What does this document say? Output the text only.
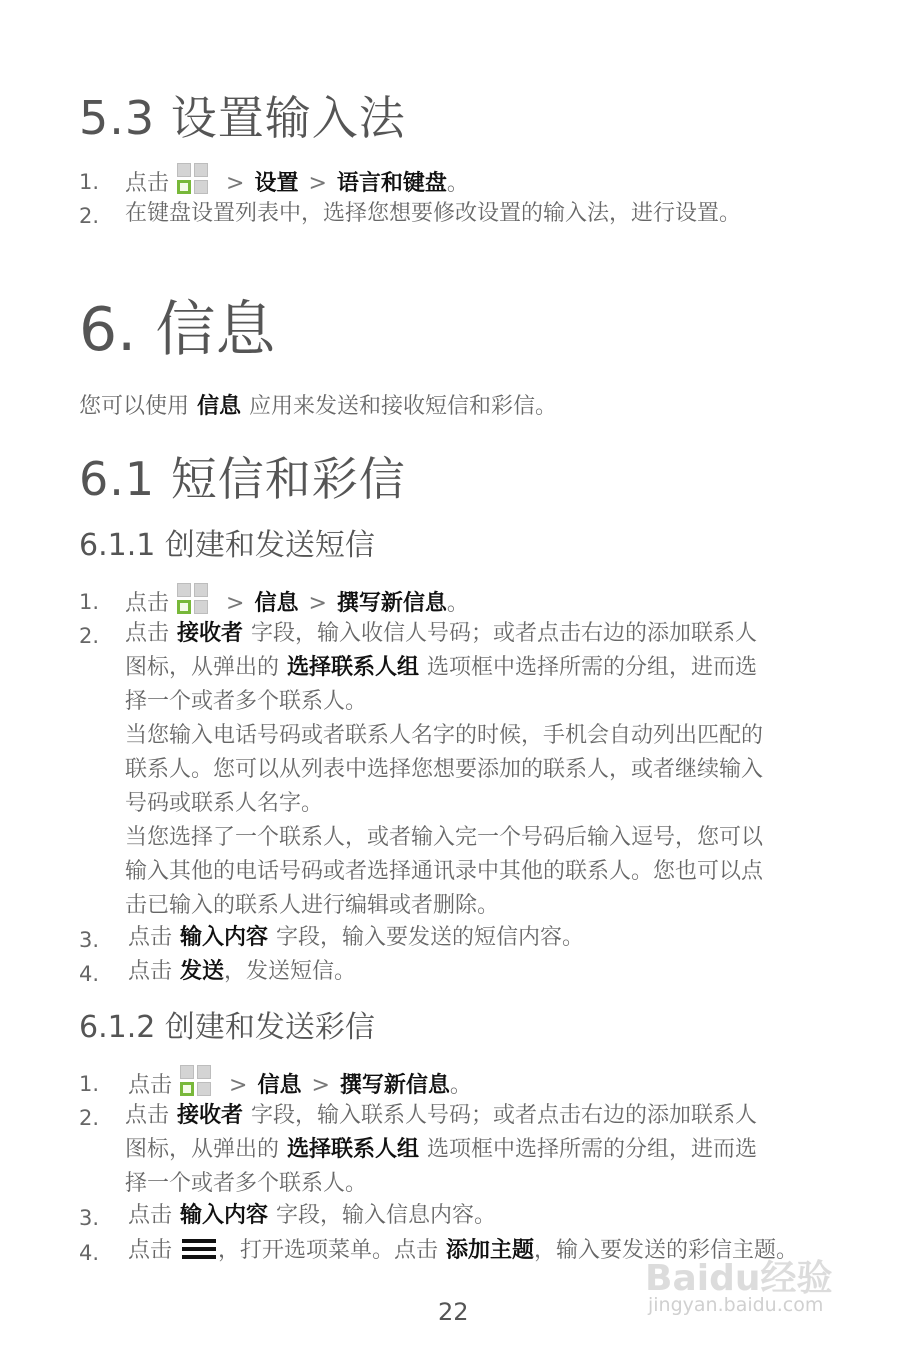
5.3 设置输入法
1. 点击	> 设置 > 语言和键盘。
2. 在键盘设置列表中，选择您想要修改设置的输入法，进行设置。
6. 信息
您可以使用 信息 应用来发送和接收短信和彩信。
6.1 短信和彩信
6.1.1 创建和发送短信
1. 点击	> 信息 > 撰写新信息。
2. 点击 接收者 字段，输入收信人号码；或者点击右边的添加联系人
图标，从弹出的 选择联系人组 选项框中选择所需的分组，进而选
择一个或者多个联系人。
当您输入电话号码或者联系人名字的时候，手机会自动列出匹配的
联系人。您可以从列表中选择您想要添加的联系人，或者继续输入
号码或联系人名字。
当您选择了一个联系人，或者输入完一个号码后输入逗号，您可以
输入其他的电话号码或者选择通讯录中其他的联系人。您也可以点
击已输入的联系人进行编辑或者删除。
3. 点击 输入内容 字段，输入要发送的短信内容。
4. 点击 发送，发送短信。
6.1.2 创建和发送彩信
1. 点击	> 信息 > 撰写新信息。
2. 点击 接收者 字段，输入联系人号码；或者点击右边的添加联系人
图标，从弹出的 选择联系人组 选项框中选择所需的分组，进而选
择一个或者多个联系人。
3. 点击 输入内容 字段，输入信息内容。
4. 点击 ，打开选项菜单。点击 添加主题，输入要发送的彩信主题。
Baidu经验
jingyan.baidu.com
22
